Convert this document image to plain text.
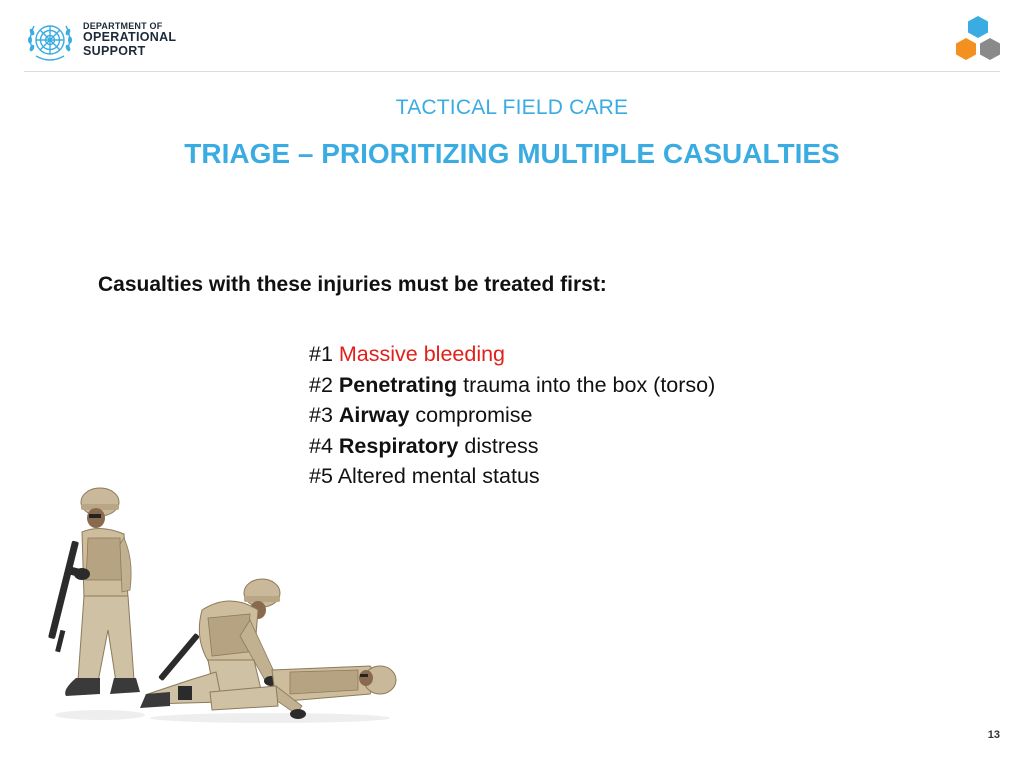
DEPARTMENT OF
OPERATIONAL
SUPPORT
TACTICAL FIELD CARE
TRIAGE – PRIORITIZING MULTIPLE CASUALTIES
Casualties with these injuries must be treated first:
#1 Massive bleeding
#2 Penetrating trauma into the box (torso)
#3 Airway compromise
#4 Respiratory distress
#5 Altered mental status
13
